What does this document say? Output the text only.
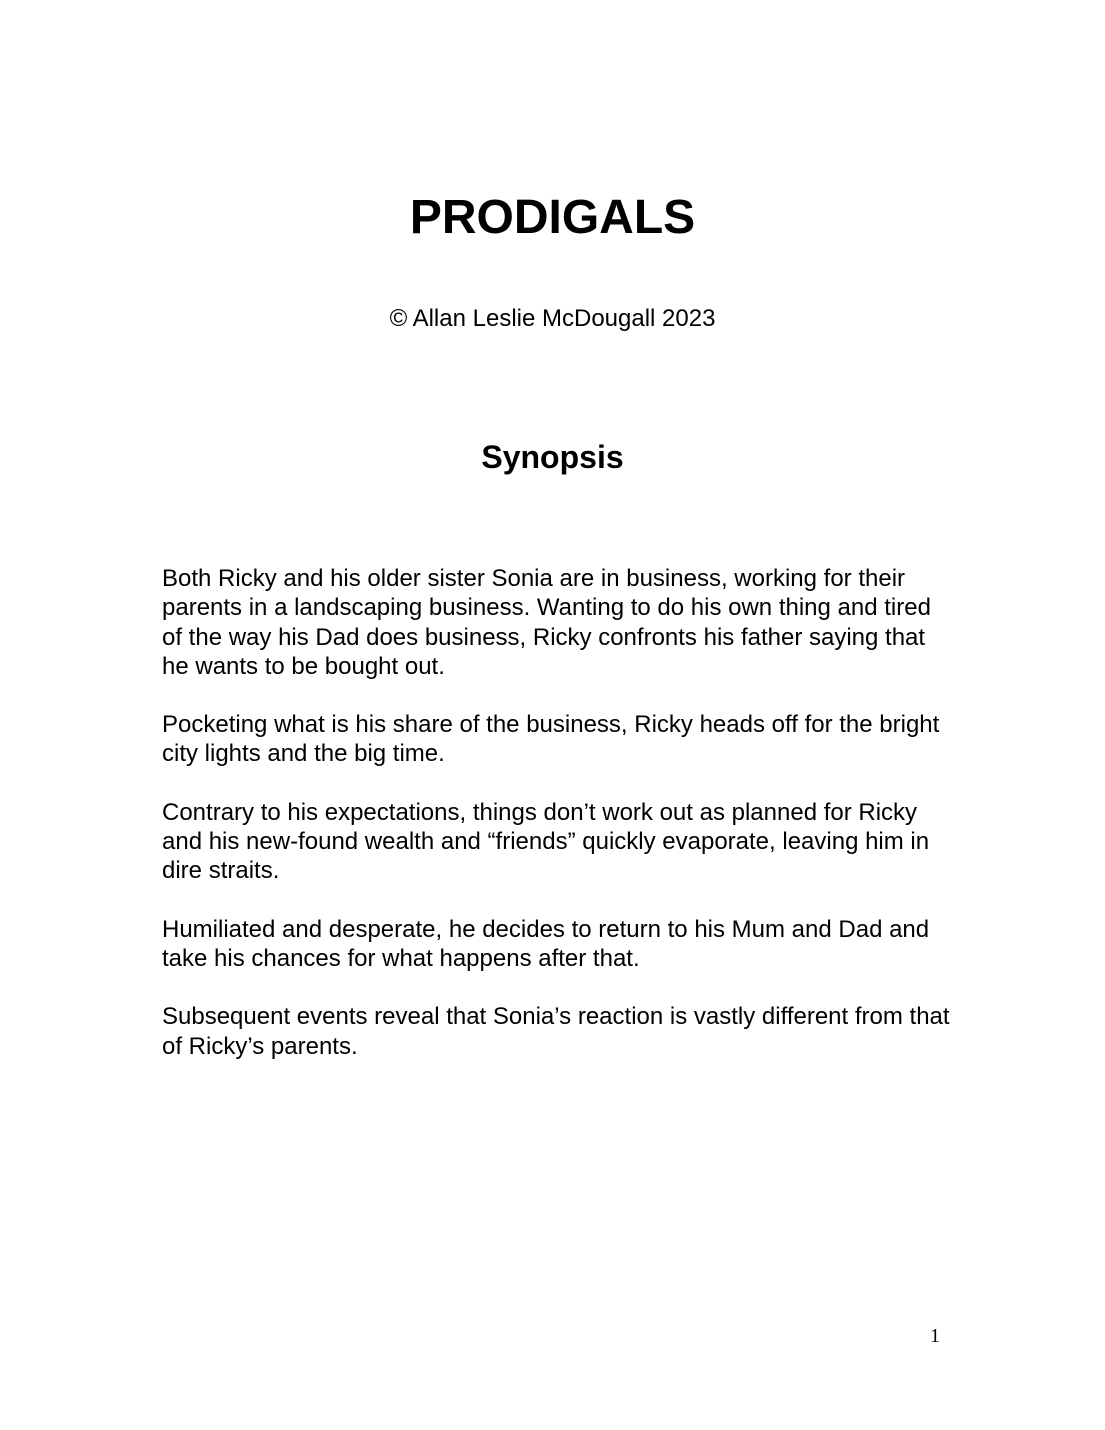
PRODIGALS

© Allan Leslie McDougall 2023

Synopsis

Both Ricky and his older sister Sonia are in business, working for their parents in a landscaping business. Wanting to do his own thing and tired of the way his Dad does business, Ricky confronts his father saying that he wants to be bought out.

Pocketing what is his share of the business, Ricky heads off for the bright city lights and the big time.

Contrary to his expectations, things don’t work out as planned for Ricky and his new-found wealth and “friends” quickly evaporate, leaving him in dire straits.

Humiliated and desperate, he decides to return to his Mum and Dad and take his chances for what happens after that.

Subsequent events reveal that Sonia’s reaction is vastly different from that of Ricky’s parents.

1
